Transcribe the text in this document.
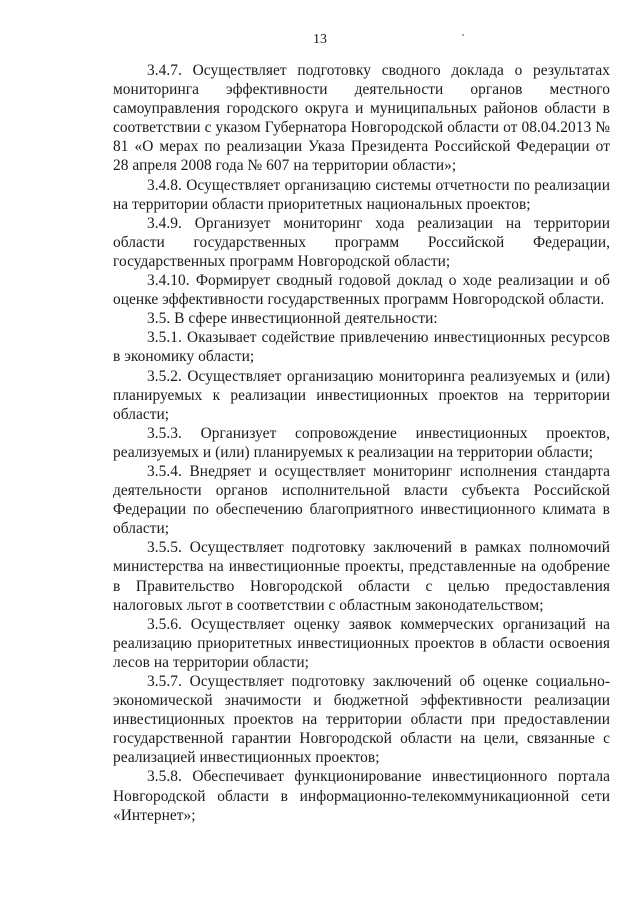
13

3.4.7. Осуществляет подготовку сводного доклада о результатах мониторинга эффективности деятельности органов местного самоуправления городского округа и муниципальных районов области в соответствии с указом Губернатора Новгородской области от 08.04.2013 № 81 «О мерах по реализации Указа Президента Российской Федерации от 28 апреля 2008 года № 607 на территории области»;

3.4.8. Осуществляет организацию системы отчетности по реализации на территории области приоритетных национальных проектов;

3.4.9. Организует мониторинг хода реализации на территории области государственных программ Российской Федерации, государственных программ Новгородской области;

3.4.10. Формирует сводный годовой доклад о ходе реализации и об оценке эффективности государственных программ Новгородской области.

3.5. В сфере инвестиционной деятельности:

3.5.1. Оказывает содействие привлечению инвестиционных ресурсов в экономику области;

3.5.2. Осуществляет организацию мониторинга реализуемых и (или) планируемых к реализации инвестиционных проектов на территории области;

3.5.3. Организует сопровождение инвестиционных проектов, реализуемых и (или) планируемых к реализации на территории области;

3.5.4. Внедряет и осуществляет мониторинг исполнения стандарта деятельности органов исполнительной власти субъекта Российской Федерации по обеспечению благоприятного инвестиционного климата в области;

3.5.5. Осуществляет подготовку заключений в рамках полномочий министерства на инвестиционные проекты, представленные на одобрение в Правительство Новгородской области с целью предоставления налоговых льгот в соответствии с областным законодательством;

3.5.6. Осуществляет оценку заявок коммерческих организаций на реализацию приоритетных инвестиционных проектов в области освоения лесов на территории области;

3.5.7. Осуществляет подготовку заключений об оценке социально-экономической значимости и бюджетной эффективности реализации инвестиционных проектов на территории области при предоставлении государственной гарантии Новгородской области на цели, связанные с реализацией инвестиционных проектов;

3.5.8. Обеспечивает функционирование инвестиционного портала Новгородской области в информационно-телекоммуникационной сети «Интернет»;
